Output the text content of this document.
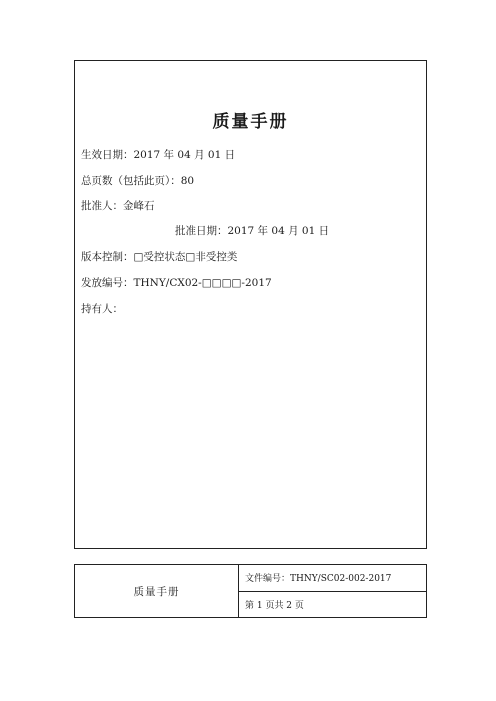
质量手册
生效日期：2017 年 04 月 01 日
总页数（包括此页）：80
批准人：金峰石
批准日期：2017 年 04 月 01 日
版本控制：□受控状态□非受控类
发放编号：THNY/CX02-□□□□-2017
持有人：
质量手册
文件编号：THNY/SC02-002-2017
第 1 页共 2 页
